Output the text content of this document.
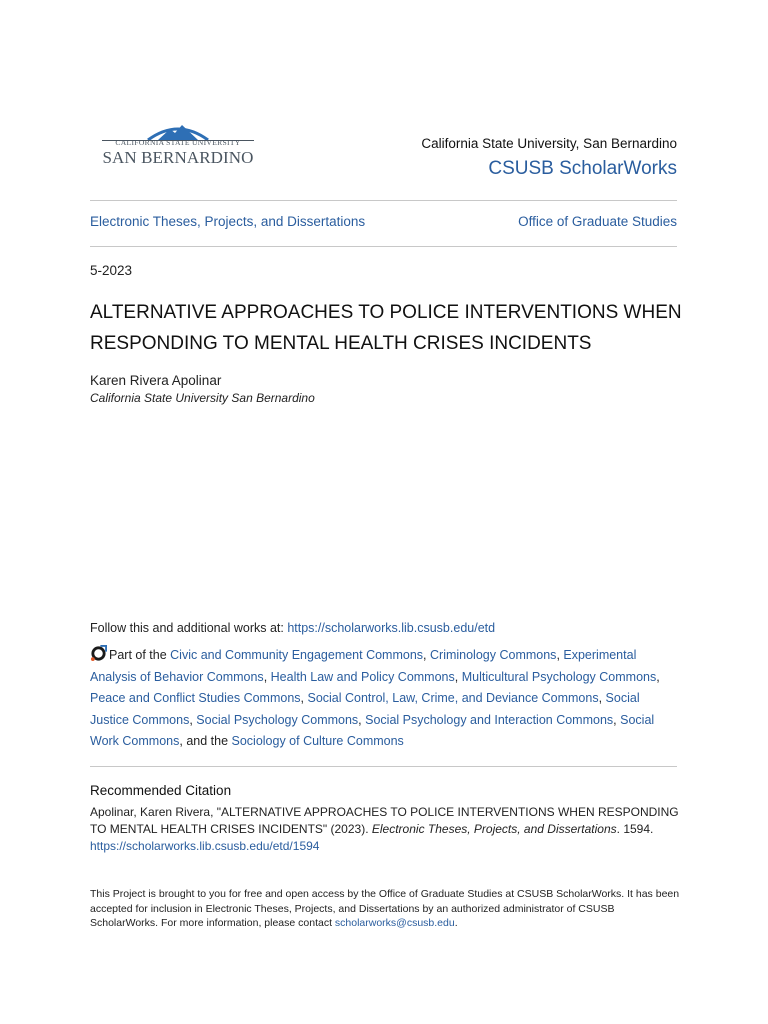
CALIFORNIA STATE UNIVERSITY
SAN BERNARDINO
California State University, San Bernardino
CSUSB ScholarWorks
Electronic Theses, Projects, and Dissertations	Office of Graduate Studies
5-2023
ALTERNATIVE APPROACHES TO POLICE INTERVENTIONS WHEN
RESPONDING TO MENTAL HEALTH CRISES INCIDENTS
Karen Rivera Apolinar
California State University San Bernardino
Follow this and additional works at: https://scholarworks.lib.csusb.edu/etd
Part of the Civic and Community Engagement Commons, Criminology Commons, Experimental Analysis of Behavior Commons, Health Law and Policy Commons, Multicultural Psychology Commons, Peace and Conflict Studies Commons, Social Control, Law, Crime, and Deviance Commons, Social Justice Commons, Social Psychology Commons, Social Psychology and Interaction Commons, Social Work Commons, and the Sociology of Culture Commons
Recommended Citation
Apolinar, Karen Rivera, "ALTERNATIVE APPROACHES TO POLICE INTERVENTIONS WHEN RESPONDING TO MENTAL HEALTH CRISES INCIDENTS" (2023). Electronic Theses, Projects, and Dissertations. 1594.
https://scholarworks.lib.csusb.edu/etd/1594
This Project is brought to you for free and open access by the Office of Graduate Studies at CSUSB ScholarWorks. It has been accepted for inclusion in Electronic Theses, Projects, and Dissertations by an authorized administrator of CSUSB ScholarWorks. For more information, please contact scholarworks@csusb.edu.
